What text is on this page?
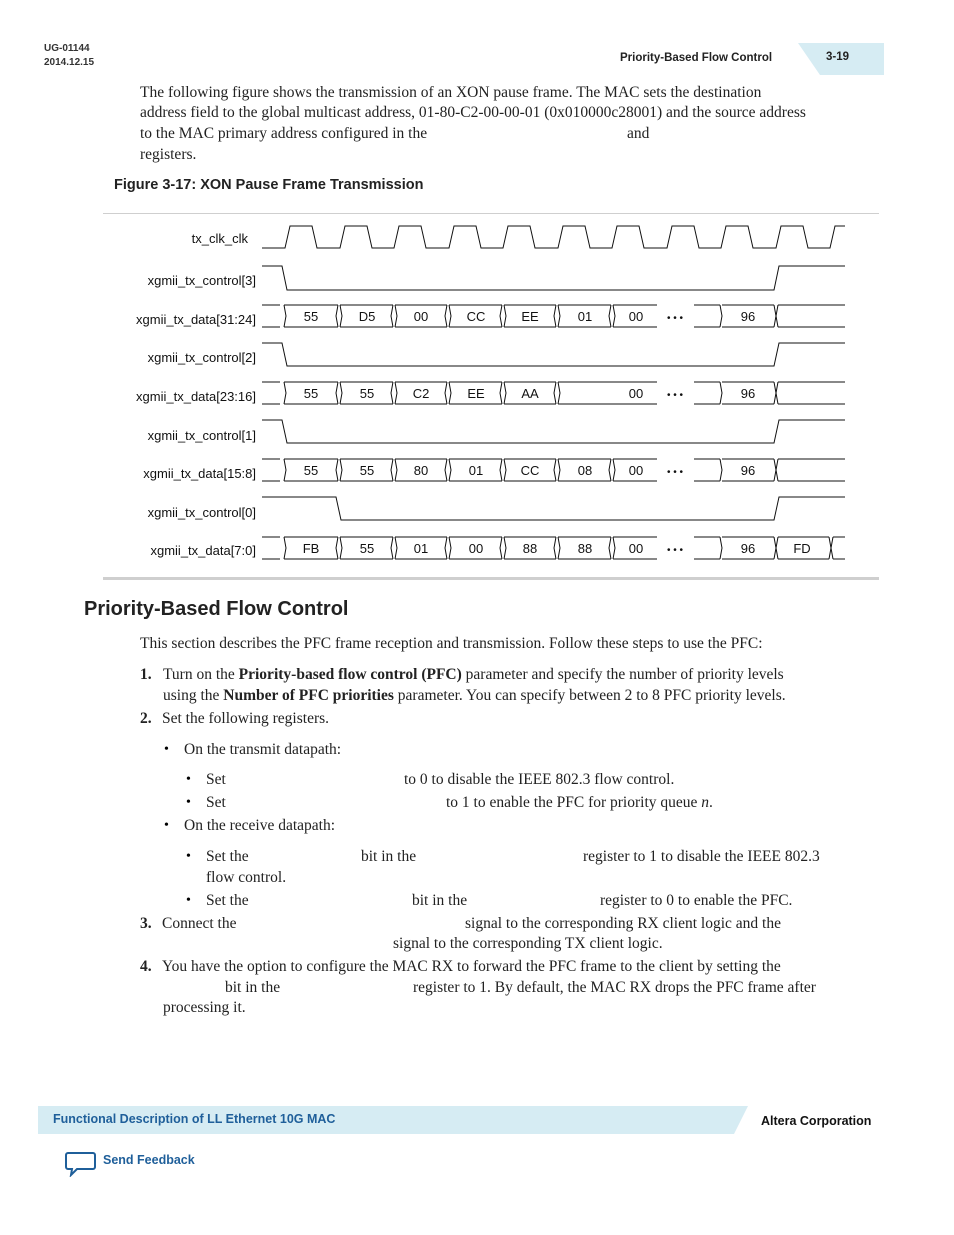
UG-01144
2014.12.15	Priority-Based Flow Control	3-19
The following figure shows the transmission of an XON pause frame. The MAC sets the destination
address field to the global multicast address, 01-80-C2-00-00-01 (0x010000c28001) and the source address
to the MAC primary address configured in the	and
registers.
Figure 3-17: XON Pause Frame Transmission
tx_clk_clk
xgmii_tx_control[3]
xgmii_tx_data[31:24]
xgmii_tx_control[2]
xgmii_tx_data[23:16]
xgmii_tx_control[1]
xgmii_tx_data[15:8]
xgmii_tx_control[0]
xgmii_tx_data[7:0]
55	D5	00	CC	EE	01	00 • • •	96
55	55	C2	EE	AA	00 • • •	96
55	55	80	01	CC	08	00 • • •	96
FB	55	01	00	88	88	00 • • •	96	FD
Priority-Based Flow Control
This section describes the PFC frame reception and transmission. Follow these steps to use the PFC:
1. Turn on the Priority-based flow control (PFC) parameter and specify the number of priority levels
using the Number of PFC priorities parameter. You can specify between 2 to 8 PFC priority levels.
2. Set the following registers.
• On the transmit datapath:
• Set	to 0 to disable the IEEE 802.3 flow control.
• Set	to 1 to enable the PFC for priority queue n.
• On the receive datapath:
• Set the	bit in the	register to 1 to disable the IEEE 802.3
flow control.
• Set the	bit in the	register to 0 to enable the PFC.
3. Connect the	signal to the corresponding RX client logic and the
signal to the corresponding TX client logic.
4. You have the option to configure the MAC RX to forward the PFC frame to the client by setting the
bit in the	register to 1. By default, the MAC RX drops the PFC frame after
processing it.
Functional Description of LL Ethernet 10G MAC	Altera Corporation
Send Feedback
